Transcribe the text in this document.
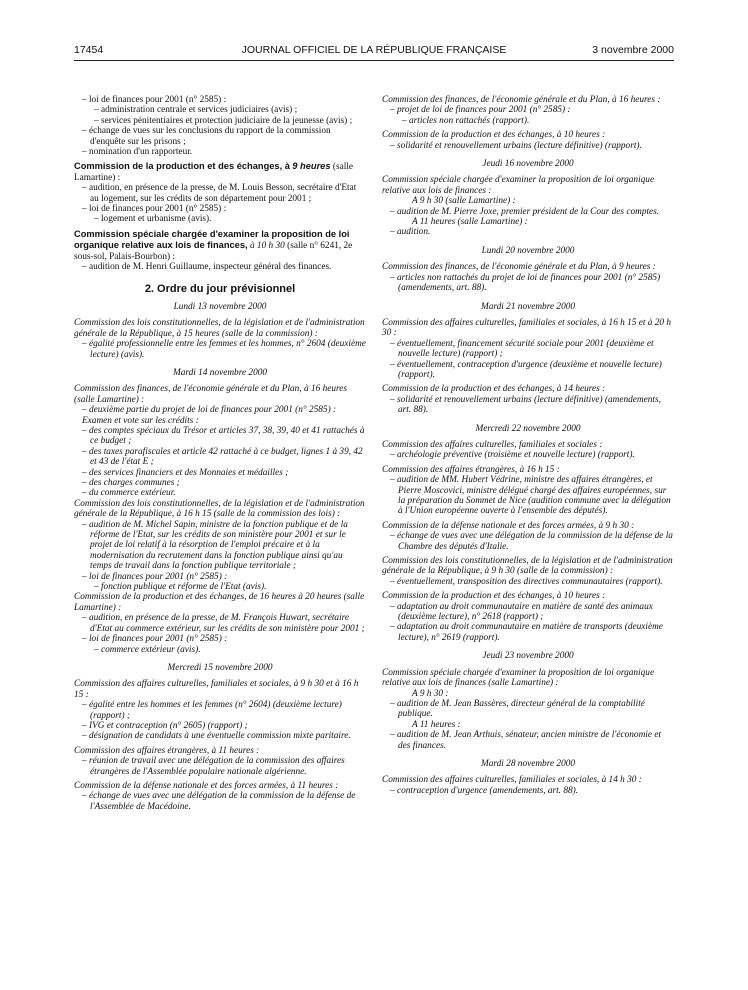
17454	JOURNAL OFFICIEL DE LA RÉPUBLIQUE FRANÇAISE	3 novembre 2000

– loi de finances pour 2001 (n° 2585) :

– administration centrale et services judiciaires (avis) ;

– services pénitentiaires et protection judiciaire de la jeunesse (avis) ;

– échange de vues sur les conclusions du rapport de la commission d'enquête sur les prisons ;

– nomination d'un rapporteur.

Commission de la production et des échanges, à 9 heures (salle Lamartine) :

– audition, en présence de la presse, de M. Louis Besson, secrétaire d'Etat au logement, sur les crédits de son département pour 2001 ;

– loi de finances pour 2001 (n° 2585) :

– logement et urbanisme (avis).

Commission spéciale chargée d'examiner la proposition de loi organique relative aux lois de finances, à 10 h 30 (salle n° 6241, 2e sous-sol, Palais-Bourbon) :

– audition de M. Henri Guillaume, inspecteur général des finances.

2. Ordre du jour prévisionnel
Lundi 13 novembre 2000

Commission des lois constitutionnelles, de la législation et de l'administration générale de la République, à 15 heures (salle de la commission) :

– égalité professionnelle entre les femmes et les hommes, n° 2604 (deuxième lecture) (avis).

Mardi 14 novembre 2000

Commission des finances, de l'économie générale et du Plan, à 16 heures (salle Lamartine) :

– deuxième partie du projet de loi de finances pour 2001 (n° 2585) :

Examen et vote sur les crédits :

– des comptes spéciaux du Trésor et articles 37, 38, 39, 40 et 41 rattachés à ce budget ;

– des taxes parafiscales et article 42 rattaché à ce budget, lignes 1 à 39, 42 et 43 de l'état E ;

– des services financiers et des Monnaies et médailles ;

– des charges communes ;

– du commerce extérieur.

Commission des lois constitutionnelles, de la législation et de l'administration générale de la République, à 16 h 15 (salle de la commission des lois) :

– audition de M. Michel Sapin, ministre de la fonction publique et de la réforme de l'Etat, sur les crédits de son ministère pour 2001 et sur le projet de loi relatif à la résorption de l'emploi précaire et à la modernisation du recrutement dans la fonction publique ainsi qu'au temps de travail dans la fonction publique territoriale ;

– loi de finances pour 2001 (n° 2585) :

– fonction publique et réforme de l'Etat (avis).

Commission de la production et des échanges, de 16 heures à 20 heures (salle Lamartine) :

– audition, en présence de la presse, de M. François Huwart, secrétaire d'Etat au commerce extérieur, sur les crédits de son ministère pour 2001 ;

– loi de finances pour 2001 (n° 2585) :

– commerce extérieur (avis).

Mercredi 15 novembre 2000

Commission des affaires culturelles, familiales et sociales, à 9 h 30 et à 16 h 15 :

– égalité entre les hommes et les femmes (n° 2604) (deuxième lecture) (rapport) ;

– IVG et contraception (n° 2605) (rapport) ;

– désignation de candidats à une éventuelle commission mixte paritaire.

Commission des affaires étrangères, à 11 heures :

– réunion de travail avec une délégation de la commission des affaires étrangères de l'Assemblée populaire nationale algérienne.

Commission de la défense nationale et des forces armées, à 11 heures :

– échange de vues avec une délégation de la commission de la défense de l'Assemblée de Macédoine.

Commission des finances, de l'économie générale et du Plan, à 16 heures :

– projet de loi de finances pour 2001 (n° 2585) :

– articles non rattachés (rapport).

Commission de la production et des échanges, à 10 heures :

– solidarité et renouvellement urbains (lecture définitive) (rapport).

Jeudi 16 novembre 2000

Commission spéciale chargée d'examiner la proposition de loi organique relative aux lois de finances :

A 9 h 30 (salle Lamartine) :

– audition de M. Pierre Joxe, premier président de la Cour des comptes.

A 11 heures (salle Lamartine) :

– audition.

Lundi 20 novembre 2000

Commission des finances, de l'économie générale et du Plan, à 9 heures :

– articles non rattachés du projet de loi de finances pour 2001 (n° 2585) (amendements, art. 88).

Mardi 21 novembre 2000

Commission des affaires culturelles, familiales et sociales, à 16 h 15 et à 20 h 30 :

– éventuellement, financement sécurité sociale pour 2001 (deuxième et nouvelle lecture) (rapport) ;

– éventuellement, contraception d'urgence (deuxième et nouvelle lecture) (rapport).

Commission de la production et des échanges, à 14 heures :

– solidarité et renouvellement urbains (lecture définitive) (amendements, art. 88).

Mercredi 22 novembre 2000

Commission des affaires culturelles, familiales et sociales :

– archéologie préventive (troisième et nouvelle lecture) (rapport).

Commission des affaires étrangères, à 16 h 15 :

– audition de MM. Hubert Védrine, ministre des affaires étrangères, et Pierre Moscovici, ministre délégué chargé des affaires européennes, sur la préparation du Sommet de Nice (audition commune avec la délégation à l'Union européenne ouverte à l'ensemble des députés).

Commission de la défense nationale et des forces armées, à 9 h 30 :

– échange de vues avec une délégation de la commission de la défense de la Chambre des députés d'Italie.

Commission des lois constitutionnelles, de la législation et de l'administration générale de la République, à 9 h 30 (salle de la commission) :

– éventuellement, transposition des directives communautaires (rapport).

Commission de la production et des échanges, à 10 heures :

– adaptation au droit communautaire en matière de santé des animaux (deuxième lecture), n° 2618 (rapport) ;

– adaptation au droit communautaire en matière de transports (deuxième lecture), n° 2619 (rapport).

Jeudi 23 novembre 2000

Commission spéciale chargée d'examiner la proposition de loi organique relative aux lois de finances (salle Lamartine) :

A 9 h 30 :

– audition de M. Jean Bassères, directeur général de la comptabilité publique.

A 11 heures :

– audition de M. Jean Arthuis, sénateur, ancien ministre de l'économie et des finances.

Mardi 28 novembre 2000

Commission des affaires culturelles, familiales et sociales, à 14 h 30 :

– contraception d'urgence (amendements, art. 88).
